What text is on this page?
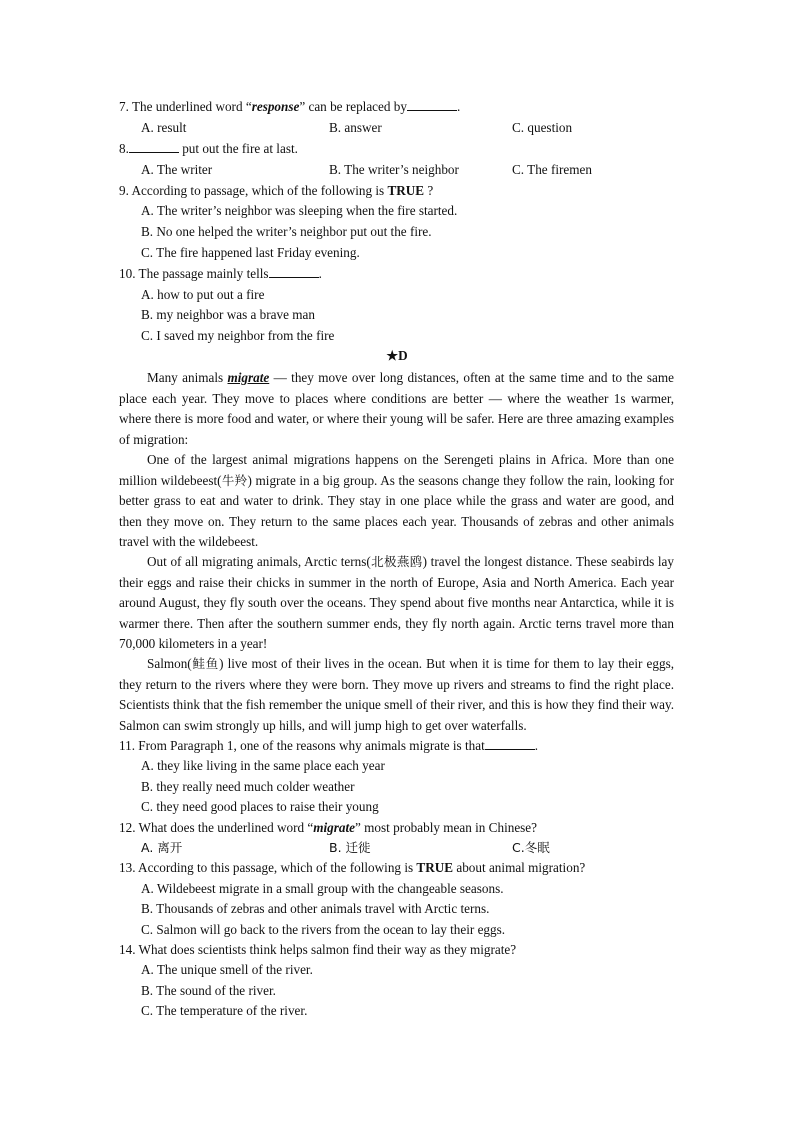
7. The underlined word “response” can be replaced by	.
A. result	B. answer	C. question
8.	put out the fire at last.
A. The writer	B. The writer’s neighbor	C. The firemen
9. According to passage, which of the following is TRUE ?
A. The writer’s neighbor was sleeping when the fire started.
B. No one helped the writer’s neighbor put out the fire.
C. The fire happened last Friday evening.
10. The passage mainly tells	.
A. how to put out a fire
B. my neighbor was a brave man
C. I saved my neighbor from the fire
★D
Many animals migrate — they move over long distances, often at the same time and to the same place each year. They move to places where conditions are better — where the weather 1s warmer, where there is more food and water, or where their young will be safer. Here are three amazing examples of migration:
One of the largest animal migrations happens on the Serengeti plains in Africa. More than one million wildebeest(牛羚) migrate in a big group. As the seasons change they follow the rain, looking for better grass to eat and water to drink. They stay in one place while the grass and water are good, and then they move on. They return to the same places each year. Thousands of zebras and other animals travel with the wildebeest.
Out of all migrating animals, Arctic terns(北极燕鸥) travel the longest distance. These seabirds lay their eggs and raise their chicks in summer in the north of Europe, Asia and North America. Each year around August, they fly south over the oceans. They spend about five months near Antarctica, while it is warmer there. Then after the southern summer ends, they fly north again. Arctic terns travel more than 70,000 kilometers in a year!
Salmon(鲑鱼) live most of their lives in the ocean. But when it is time for them to lay their eggs, they return to the rivers where they were born. They move up rivers and streams to find the right place. Scientists think that the fish remember the unique smell of their river, and this is how they find their way. Salmon can swim strongly up hills, and will jump high to get over waterfalls.
11. From Paragraph 1, one of the reasons why animals migrate is that	.
A. they like living in the same place each year
B. they really need much colder weather
C. they need good places to raise their young
12. What does the underlined word “migrate” most probably mean in Chinese?
A. 离开	B. 迁徙	C.冬眠
13. According to this passage, which of the following is TRUE about animal migration?
A. Wildebeest migrate in a small group with the changeable seasons.
B. Thousands of zebras and other animals travel with Arctic terns.
C. Salmon will go back to the rivers from the ocean to lay their eggs.
14. What does scientists think helps salmon find their way as they migrate?
A. The unique smell of the river.
B. The sound of the river.
C. The temperature of the river.
